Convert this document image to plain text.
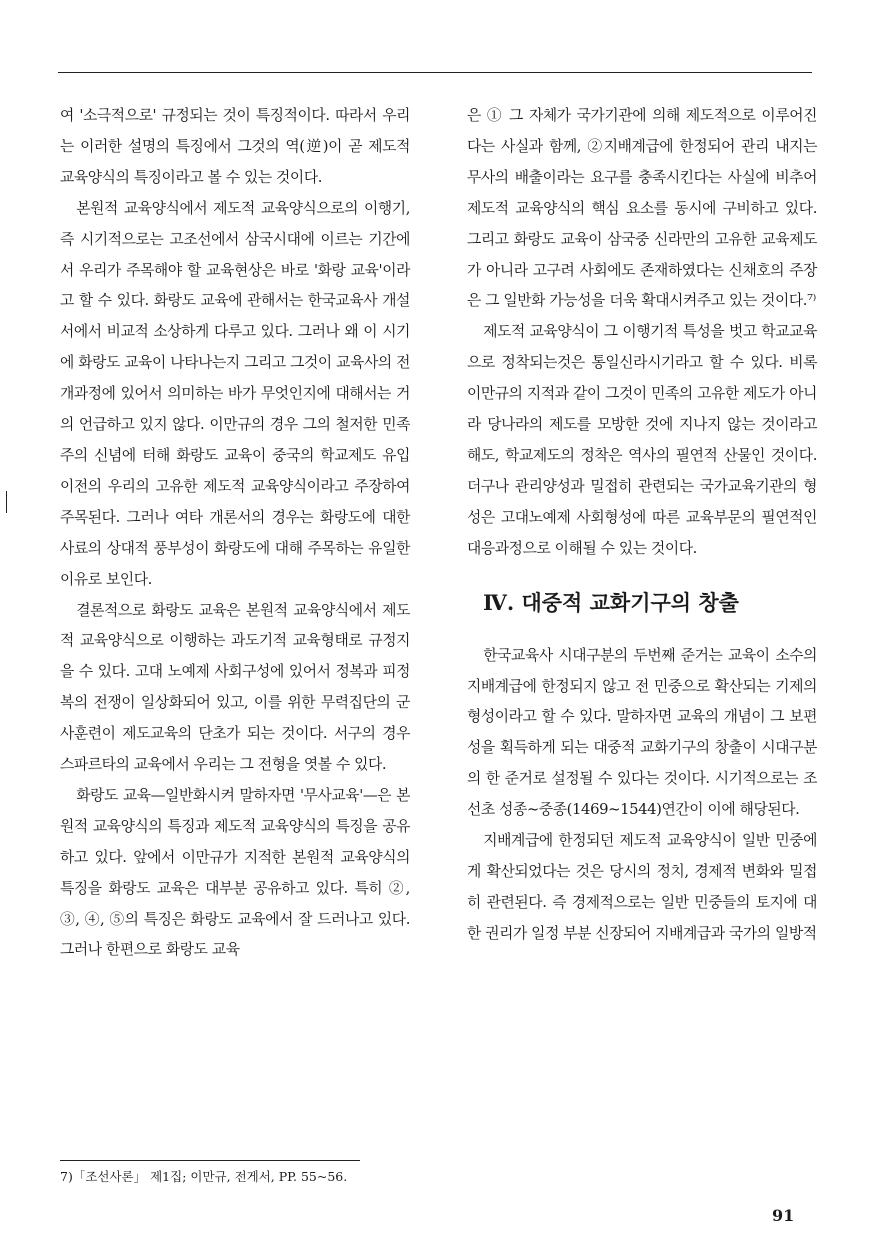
여 '소극적으로' 규정되는 것이 특징적이다. 따라서 우리는 이러한 설명의 특징에서 그것의 역(逆)이 곧 제도적 교육양식의 특징이라고 볼 수 있는 것이다.

본원적 교육양식에서 제도적 교육양식으로의 이행기, 즉 시기적으로는 고조선에서 삼국시대에 이르는 기간에서 우리가 주목해야 할 교육현상은 바로 '화랑 교육'이라고 할 수 있다. 화랑도 교육에 관해서는 한국교육사 개설서에서 비교적 소상하게 다루고 있다. 그러나 왜 이 시기에 화랑도 교육이 나타나는지 그리고 그것이 교육사의 전개과정에 있어서 의미하는 바가 무엇인지에 대해서는 거의 언급하고 있지 않다. 이만규의 경우 그의 철저한 민족주의 신념에 터해 화랑도 교육이 중국의 학교제도 유입 이전의 우리의 고유한 제도적 교육양식이라고 주장하여 주목된다. 그러나 여타 개론서의 경우는 화랑도에 대한 사료의 상대적 풍부성이 화랑도에 대해 주목하는 유일한 이유로 보인다.

결론적으로 화랑도 교육은 본원적 교육양식에서 제도적 교육양식으로 이행하는 과도기적 교육형태로 규정지을 수 있다. 고대 노예제 사회구성에 있어서 정복과 피정복의 전쟁이 일상화되어 있고, 이를 위한 무력집단의 군사훈련이 제도교육의 단초가 되는 것이다. 서구의 경우 스파르타의 교육에서 우리는 그 전형을 엿볼 수 있다.

화랑도 교육—일반화시켜 말하자면 '무사교육'—은 본원적 교육양식의 특징과 제도적 교육양식의 특징을 공유하고 있다. 앞에서 이만규가 지적한 본원적 교육양식의 특징을 화랑도 교육은 대부분 공유하고 있다. 특히 ②, ③, ④, ⑤의 특징은 화랑도 교육에서 잘 드러나고 있다. 그러나 한편으로 화랑도 교육

은 ① 그 자체가 국가기관에 의해 제도적으로 이루어진다는 사실과 함께, ②지배계급에 한정되어 관리 내지는 무사의 배출이라는 요구를 충족시킨다는 사실에 비추어 제도적 교육양식의 핵심 요소를 동시에 구비하고 있다. 그리고 화랑도 교육이 삼국중 신라만의 고유한 교육제도가 아니라 고구려 사회에도 존재하였다는 신채호의 주장은 그 일반화 가능성을 더욱 확대시켜주고 있는 것이다.⁷⁾

제도적 교육양식이 그 이행기적 특성을 벗고 학교교육으로 정착되는것은 통일신라시기라고 할 수 있다. 비록 이만규의 지적과 같이 그것이 민족의 고유한 제도가 아니라 당나라의 제도를 모방한 것에 지나지 않는 것이라고 해도, 학교제도의 정착은 역사의 필연적 산물인 것이다. 더구나 관리양성과 밀접히 관련되는 국가교육기관의 형성은 고대노예제 사회형성에 따른 교육부문의 필연적인 대응과정으로 이해될 수 있는 것이다.

Ⅳ. 대중적 교화기구의 창출

한국교육사 시대구분의 두번째 준거는 교육이 소수의 지배계급에 한정되지 않고 전 민중으로 확산되는 기제의 형성이라고 할 수 있다. 말하자면 교육의 개념이 그 보편성을 획득하게 되는 대중적 교화기구의 창출이 시대구분의 한 준거로 설정될 수 있다는 것이다. 시기적으로는 조선초 성종~중종(1469~1544)연간이 이에 해당된다.

지배계급에 한정되던 제도적 교육양식이 일반 민중에게 확산되었다는 것은 당시의 정치, 경제적 변화와 밀접히 관련된다. 즉 경제적으로는 일반 민중들의 토지에 대한 권리가 일정 부분 신장되어 지배계급과 국가의 일방적

7)「조선사론」 제1집; 이만규, 전게서, PP. 55~56.
91
